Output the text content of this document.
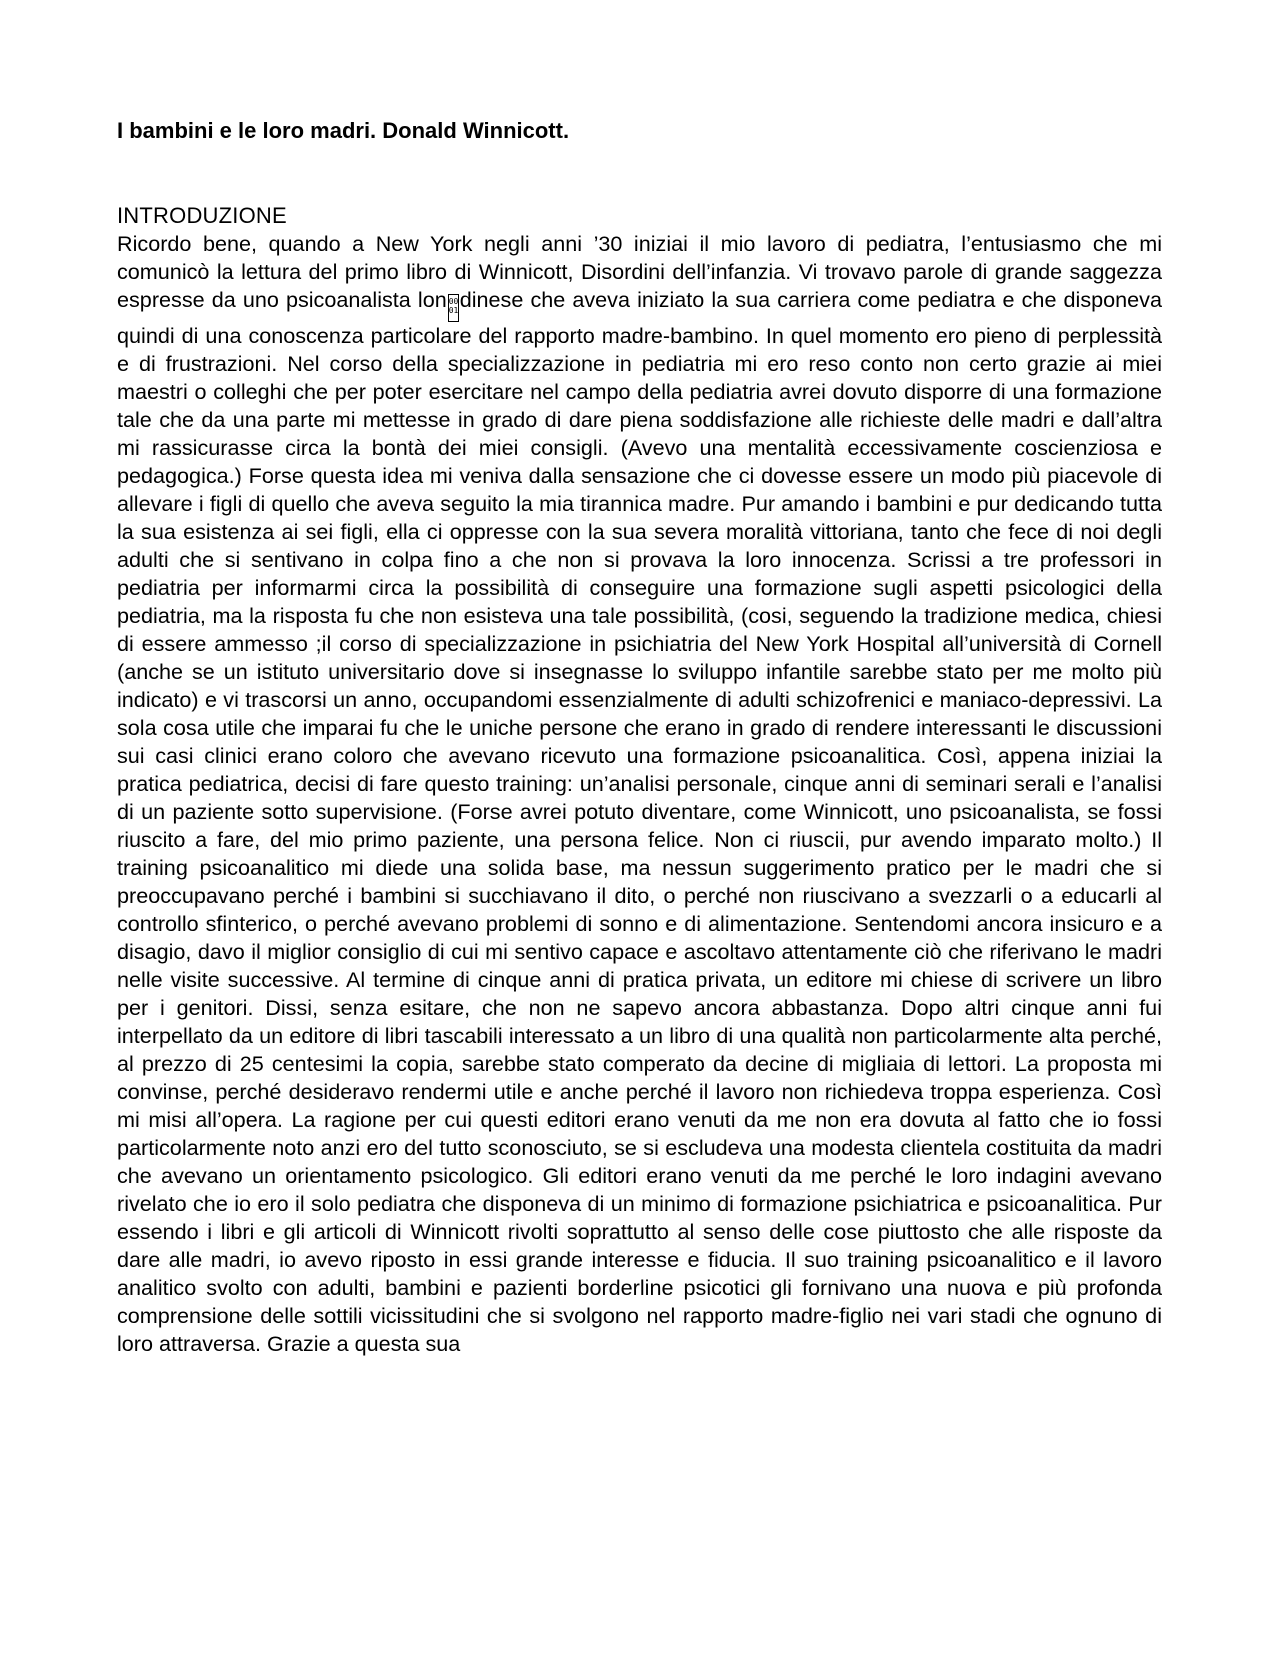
I bambini e le loro madri. Donald Winnicott.
INTRODUZIONE

Ricordo bene, quando a New York negli anni ’30 iniziai il mio lavoro di pediatra, l’entusiasmo che mi comunicò la lettura del primo libro di Winnicott, Disordini dell’infanzia. Vi trovavo parole di grande saggezza espresse da uno psicoanalista lon 00 01dinese che aveva iniziato la sua carriera come pediatra e che disponeva quindi di una conoscenza particolare del rapporto madre-bambino. In quel momento ero pieno di perplessità e di frustrazioni. Nel corso della specializzazione in pediatria mi ero reso conto non certo grazie ai miei maestri o colleghi che per poter esercitare nel campo della pediatria avrei dovuto disporre di una formazione tale che da una parte mi mettesse in grado di dare piena soddisfazione alle richieste delle madri e dall’altra mi rassicurasse circa la bontà dei miei consigli. (Avevo una mentalità eccessivamente coscienziosa e pedagogica.) Forse questa idea mi veniva dalla sensazione che ci dovesse essere un modo più piacevole di allevare i figli di quello che aveva seguito la mia tirannica madre. Pur amando i bambini e pur dedicando tutta la sua esistenza ai sei figli, ella ci oppresse con la sua severa moralità vittoriana, tanto che fece di noi degli adulti che si sentivano in colpa fino a che non si provava la loro innocenza. Scrissi a tre professori in pediatria per informarmi circa la possibilità di conseguire una formazione sugli aspetti psicologici della pediatria, ma la risposta fu che non esisteva una tale possibilità, (cosi, seguendo la tradizione medica, chiesi di essere ammesso ;il corso di specializzazione in psichiatria del New York Hospital all’università di Cornell (anche se un istituto universitario dove si insegnasse lo sviluppo infantile sarebbe stato per me molto più indicato) e vi trascorsi un anno, occupandomi essenzialmente di adulti schizofrenici e maniaco-depressivi. La sola cosa utile che imparai fu che le uniche persone che erano in grado di rendere interessanti le discussioni sui casi clinici erano coloro che avevano ricevuto una formazione psicoanalitica. Così, appena iniziai la pratica pediatrica, decisi di fare questo training: un’analisi personale, cinque anni di seminari serali e l’analisi di un paziente sotto supervisione. (Forse avrei potuto diventare, come Winnicott, uno psicoanalista, se fossi riuscito a fare, del mio primo paziente, una persona felice. Non ci riuscii, pur avendo imparato molto.) Il training psicoanalitico mi diede una solida base, ma nessun suggerimento pratico per le madri che si preoccupavano perché i bambini si succhiavano il dito, o perché non riuscivano a svezzarli o a educarli al controllo sfinterico, o perché avevano problemi di sonno e di alimentazione. Sentendomi ancora insicuro e a disagio, davo il miglior consiglio di cui mi sentivo capace e ascoltavo attentamente ciò che riferivano le madri nelle visite successive. Al termine di cinque anni di pratica privata, un editore mi chiese di scrivere un libro per i genitori. Dissi, senza esitare, che non ne sapevo ancora abbastanza. Dopo altri cinque anni fui interpellato da un editore di libri tascabili interessato a un libro di una qualità non particolarmente alta perché, al prezzo di 25 centesimi la copia, sarebbe stato comperato da decine di migliaia di lettori. La proposta mi convinse, perché desideravo rendermi utile e anche perché il lavoro non richiedeva troppa esperienza. Così mi misi all’opera. La ragione per cui questi editori erano venuti da me non era dovuta al fatto che io fossi particolarmente noto anzi ero del tutto sconosciuto, se si escludeva una modesta clientela costituita da madri che avevano un orientamento psicologico. Gli editori erano venuti da me perché le loro indagini avevano rivelato che io ero il solo pediatra che disponeva di un minimo di formazione psichiatrica e psicoanalitica. Pur essendo i libri e gli articoli di Winnicott rivolti soprattutto al senso delle cose piuttosto che alle risposte da dare alle madri, io avevo riposto in essi grande interesse e fiducia. Il suo training psicoanalitico e il lavoro analitico svolto con adulti, bambini e pazienti borderline psicotici gli fornivano una nuova e più profonda comprensione delle sottili vicissitudini che si svolgono nel rapporto madre-figlio nei vari stadi che ognuno di loro attraversa. Grazie a questa sua
